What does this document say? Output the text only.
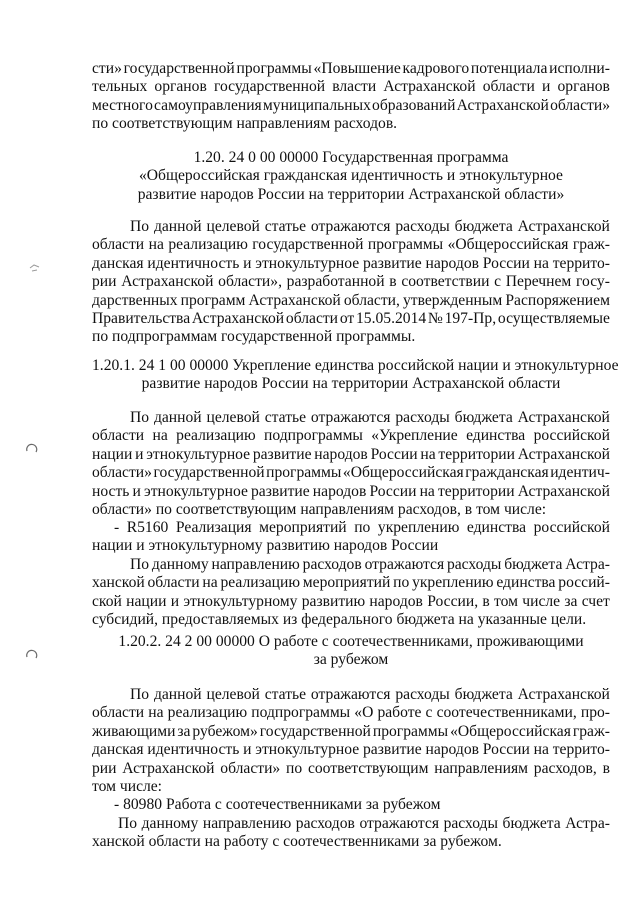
сти» государственной программы «Повышение кадрового потенциала исполни-
тельных органов государственной власти Астраханской области и органов
местного самоуправления муниципальных образований Астраханской области»
по соответствующим направлениям расходов.
1.20. 24 0 00 00000 Государственная программа
«Общероссийская гражданская идентичность и этнокультурное
развитие народов России на территории Астраханской области»
По данной целевой статье отражаются расходы бюджета Астраханской
области на реализацию государственной программы «Общероссийская граж-
данская идентичность и этнокультурное развитие народов России на террито-
рии Астраханской области», разработанной в соответствии с Перечнем госу-
дарственных программ Астраханской области, утвержденным Распоряжением
Правительства Астраханской области от 15.05.2014 № 197-Пр, осуществляемые
по подпрограммам государственной программы.
1.20.1. 24 1 00 00000 Укрепление единства российской нации и этнокультурное
развитие народов России на территории Астраханской области
По данной целевой статье отражаются расходы бюджета Астраханской
области на реализацию подпрограммы «Укрепление единства российской
нации и этнокультурное развитие народов России на территории Астраханской
области» государственной программы «Общероссийская гражданская идентич-
ность и этнокультурное развитие народов России на территории Астраханской
области» по соответствующим направлениям расходов, в том числе:
- R5160 Реализация мероприятий по укреплению единства российской
нации и этнокультурному развитию народов России
По данному направлению расходов отражаются расходы бюджета Астра-
ханской области на реализацию мероприятий по укреплению единства россий-
ской нации и этнокультурному развитию народов России, в том числе за счет
субсидий, предоставляемых из федерального бюджета на указанные цели.
1.20.2. 24 2 00 00000 О работе с соотечественниками, проживающими
за рубежом
По данной целевой статье отражаются расходы бюджета Астраханской
области на реализацию подпрограммы «О работе с соотечественниками, про-
живающими за рубежом» государственной программы «Общероссийская граж-
данская идентичность и этнокультурное развитие народов России на террито-
рии Астраханской области» по соответствующим направлениям расходов, в
том числе:
- 80980 Работа с соотечественниками за рубежом
По данному направлению расходов отражаются расходы бюджета Астра-
ханской области на работу с соотечественниками за рубежом.
